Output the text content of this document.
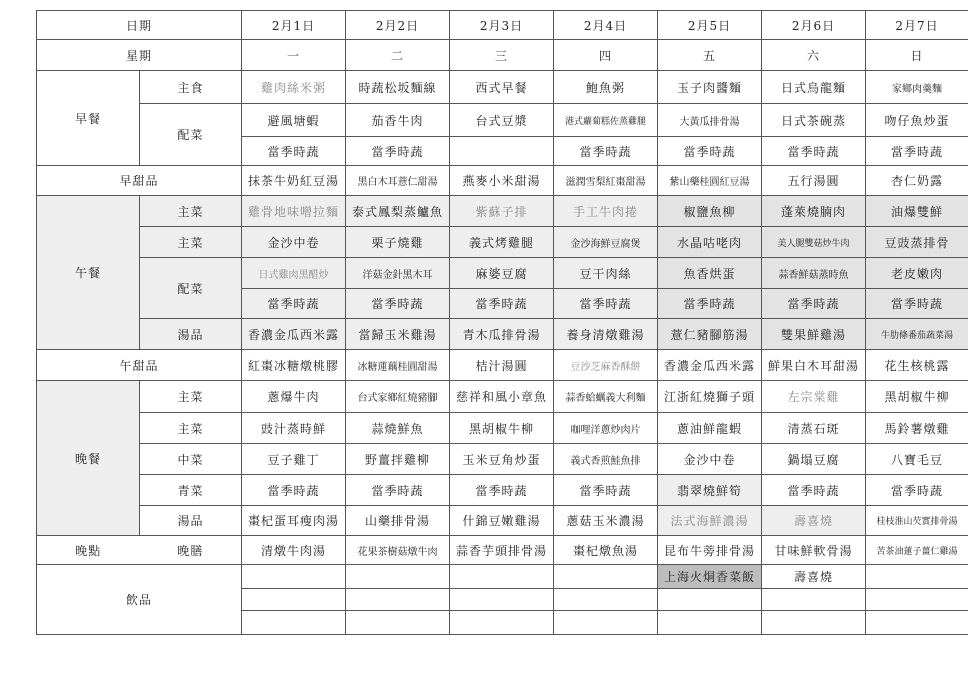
日期		2月1日	2月2日	2月3日	2月4日	2月5日	2月6日	2月7日
星期		一	二	三	四	五	六	日
早餐	主食	雞肉絲米粥	時蔬松坂麵線	西式早餐	鮑魚粥	玉子肉醬麵	日式烏龍麵	家鄉肉羹麵
	配菜	避風塘蝦	茄香牛肉	台式豆漿	港式蘿蔔糕佐蒸雞腿	大黃瓜排骨湯	日式茶碗蒸	吻仔魚炒蛋
		當季時蔬	當季時蔬		當季時蔬	當季時蔬	當季時蔬	當季時蔬
早甜品		抹茶牛奶紅豆湯	黑白木耳薏仁甜湯	燕麥小米甜湯	滋潤雪梨紅棗甜湯	紫山藥桂圓紅豆湯	五行湯圓	杏仁奶露
午餐	主菜	雞骨地味噌拉麵	泰式鳳梨蒸鱸魚	紫蘇子排	手工牛肉捲	椒鹽魚柳	蓬萊燒腩肉	油爆雙鮮
	主菜	金沙中卷	栗子燒雞	義式烤雞腿	金沙海鮮豆腐煲	水晶咕咾肉	美人腿雙菇炒牛肉	豆豉蒸排骨
	配菜	日式雞肉黑醋炒	洋菇金針黑木耳	麻婆豆腐	豆干肉絲	魚香烘蛋	蒜香鮮菇蒸時魚	老皮嫩肉
		當季時蔬	當季時蔬	當季時蔬	當季時蔬	當季時蔬	當季時蔬	當季時蔬
	湯品	香濃金瓜西米露	當歸玉米雞湯	青木瓜排骨湯	養身清燉雞湯	薏仁豬腳筋湯	雙果鮮雞湯	牛肋條番茄蔬菜湯
午甜品		紅棗冰糖燉桃膠	冰糖蓮藕桂圓甜湯	桔汁湯圓	豆沙芝麻香酥餅	香濃金瓜西米露	鮮果白木耳甜湯	花生核桃露
晚餐	主菜	蔥爆牛肉	台式家鄉紅燒豬腳	慈祥和風小章魚	蒜香蛤蠣義大利麵	江浙紅燒獅子頭	左宗棠雞	黑胡椒牛柳
	主菜	豉汁蒸時鮮	蒜燒鮮魚	黑胡椒牛柳	咖哩洋蔥炒肉片	蔥油鮮龍蝦	清蒸石斑	馬鈴薯燉雞
	中菜	豆子雞丁	野薑拌雞柳	玉米豆角炒蛋	義式香煎鮭魚排	金沙中卷	鍋塌豆腐	八寶毛豆
	青菜	當季時蔬	當季時蔬	當季時蔬	當季時蔬	翡翠燒鮮筍	當季時蔬	當季時蔬
	湯品	棗杞蛋耳瘦肉湯	山藥排骨湯	什錦豆嫩雞湯	蔥菇玉米濃湯	法式海鮮濃湯	壽喜燒	桂枝淮山芡實排骨湯
晚點	晚膳	清燉牛肉湯	花果茶樹菇燉牛肉	蒜香芋頭排骨湯	棗杞燉魚湯	昆布牛蒡排骨湯	甘味鮮軟骨湯	苦茶油蓮子薑仁雞湯
飲品						上海火烔香菜飯	壽喜燒	
